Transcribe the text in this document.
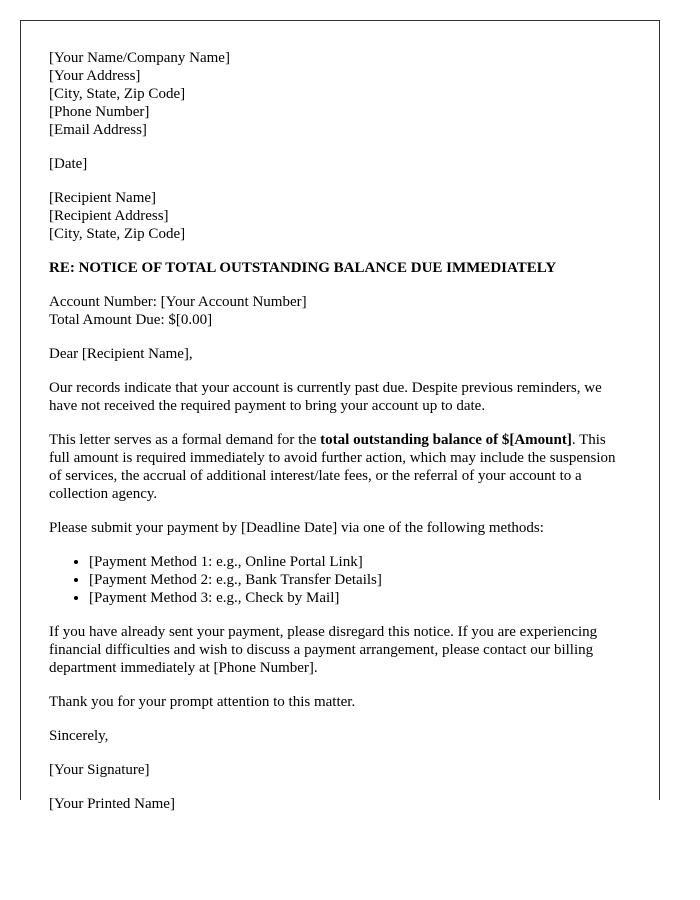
[Your Name/Company Name]
[Your Address]
[City, State, Zip Code]
[Phone Number]
[Email Address]

[Date]

[Recipient Name]
[Recipient Address]
[City, State, Zip Code]

RE: NOTICE OF TOTAL OUTSTANDING BALANCE DUE IMMEDIATELY

Account Number: [Your Account Number]
Total Amount Due: $[0.00]

Dear [Recipient Name],

Our records indicate that your account is currently past due. Despite previous reminders, we have not received the required payment to bring your account up to date.

This letter serves as a formal demand for the total outstanding balance of $[Amount]. This full amount is required immediately to avoid further action, which may include the suspension of services, the accrual of additional interest/late fees, or the referral of your account to a collection agency.

Please submit your payment by [Deadline Date] via one of the following methods:

• [Payment Method 1: e.g., Online Portal Link]
• [Payment Method 2: e.g., Bank Transfer Details]
• [Payment Method 3: e.g., Check by Mail]

If you have already sent your payment, please disregard this notice. If you are experiencing financial difficulties and wish to discuss a payment arrangement, please contact our billing department immediately at [Phone Number].

Thank you for your prompt attention to this matter.

Sincerely,

[Your Signature]

[Your Printed Name]
